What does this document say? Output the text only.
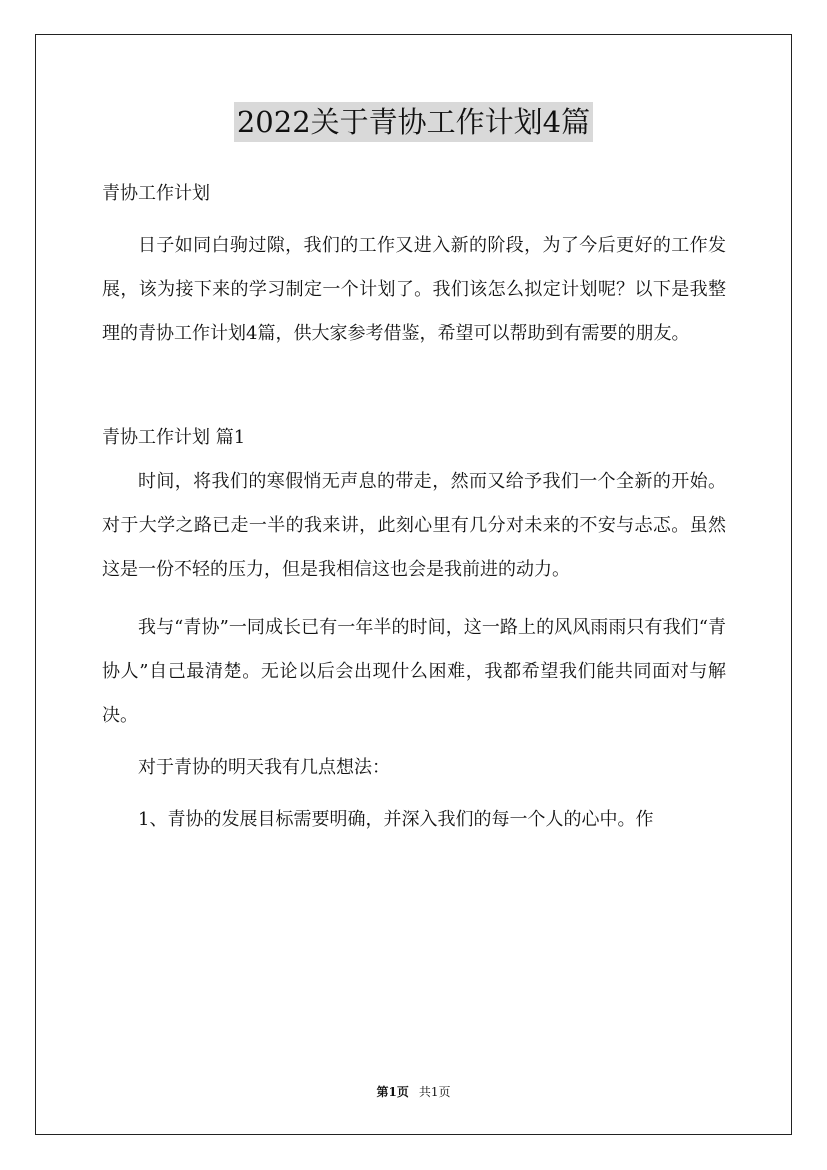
2022关于青协工作计划4篇

青协工作计划

日子如同白驹过隙，我们的工作又进入新的阶段，为了今后更好的工作发展，该为接下来的学习制定一个计划了。我们该怎么拟定计划呢？以下是我整理的青协工作计划4篇，供大家参考借鉴，希望可以帮助到有需要的朋友。

青协工作计划 篇1

时间，将我们的寒假悄无声息的带走，然而又给予我们一个全新的开始。对于大学之路已走一半的我来讲，此刻心里有几分对未来的不安与忐忑。虽然这是一份不轻的压力，但是我相信这也会是我前进的动力。

我与“青协”一同成长已有一年半的时间，这一路上的风风雨雨只有我们“青协人”自己最清楚。无论以后会出现什么困难，我都希望我们能共同面对与解决。

对于青协的明天我有几点想法：

1、青协的发展目标需要明确，并深入我们的每一个人的心中。作

第1页 共1页
